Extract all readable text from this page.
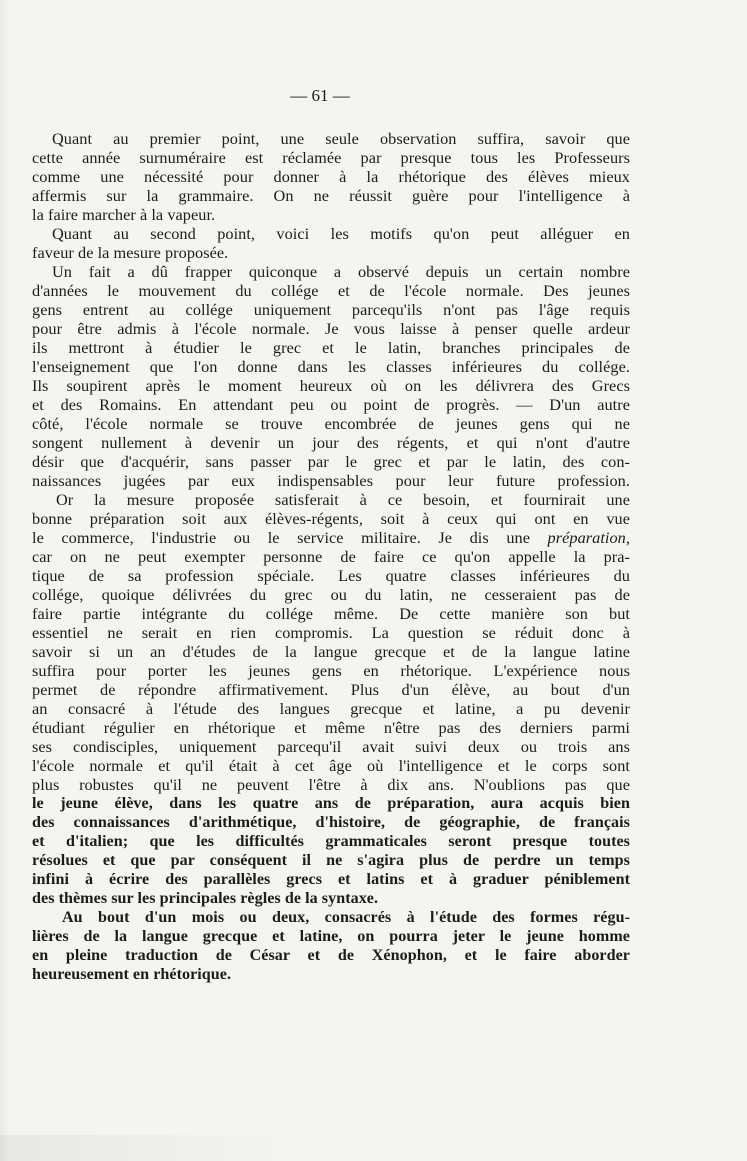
— 61 —
Quant au premier point, une seule observation suffira, savoir que
cette année surnuméraire est réclamée par presque tous les Professeurs
comme une nécessité pour donner à la rhétorique des élèves mieux
affermis sur la grammaire. On ne réussit guère pour l'intelligence à
la faire marcher à la vapeur.
Quant au second point, voici les motifs qu'on peut alléguer en
faveur de la mesure proposée.
Un fait a dû frapper quiconque a observé depuis un certain nombre
d'années le mouvement du collége et de l'école normale. Des jeunes
gens entrent au collége uniquement parcequ'ils n'ont pas l'âge requis
pour être admis à l'école normale. Je vous laisse à penser quelle ardeur
ils mettront à étudier le grec et le latin, branches principales de
l'enseignement que l'on donne dans les classes inférieures du collége.
Ils soupirent après le moment heureux où on les délivrera des Grecs
et des Romains. En attendant peu ou point de progrès. — D'un autre
côté, l'école normale se trouve encombrée de jeunes gens qui ne
songent nullement à devenir un jour des régents, et qui n'ont d'autre
désir que d'acquérir, sans passer par le grec et par le latin, des con-
naissances jugées par eux indispensables pour leur future profession.
Or la mesure proposée satisferait à ce besoin, et fournirait une
bonne préparation soit aux élèves-régents, soit à ceux qui ont en vue
le commerce, l'industrie ou le service militaire. Je dis une préparation,
car on ne peut exempter personne de faire ce qu'on appelle la pra-
tique de sa profession spéciale. Les quatre classes inférieures du
collége, quoique délivrées du grec ou du latin, ne cesseraient pas de
faire partie intégrante du collége même. De cette manière son but
essentiel ne serait en rien compromis. La question se réduit donc à
savoir si un an d'études de la langue grecque et de la langue latine
suffira pour porter les jeunes gens en rhétorique. L'expérience nous
permet de répondre affirmativement. Plus d'un élève, au bout d'un
an consacré à l'étude des langues grecque et latine, a pu devenir
étudiant régulier en rhétorique et même n'être pas des derniers parmi
ses condisciples, uniquement parcequ'il avait suivi deux ou trois ans
l'école normale et qu'il était à cet âge où l'intelligence et le corps sont
plus robustes qu'il ne peuvent l'être à dix ans. N'oublions pas que
le jeune élève, dans les quatre ans de préparation, aura acquis bien
des connaissances d'arithmétique, d'histoire, de géographie, de français
et d'italien; que les difficultés grammaticales seront presque toutes
résolues et que par conséquent il ne s'agira plus de perdre un temps
infini à écrire des parallèles grecs et latins et à graduer péniblement
des thèmes sur les principales règles de la syntaxe.
Au bout d'un mois ou deux, consacrés à l'étude des formes régu-
lières de la langue grecque et latine, on pourra jeter le jeune homme
en pleine traduction de César et de Xénophon, et le faire aborder
heureusement en rhétorique.
